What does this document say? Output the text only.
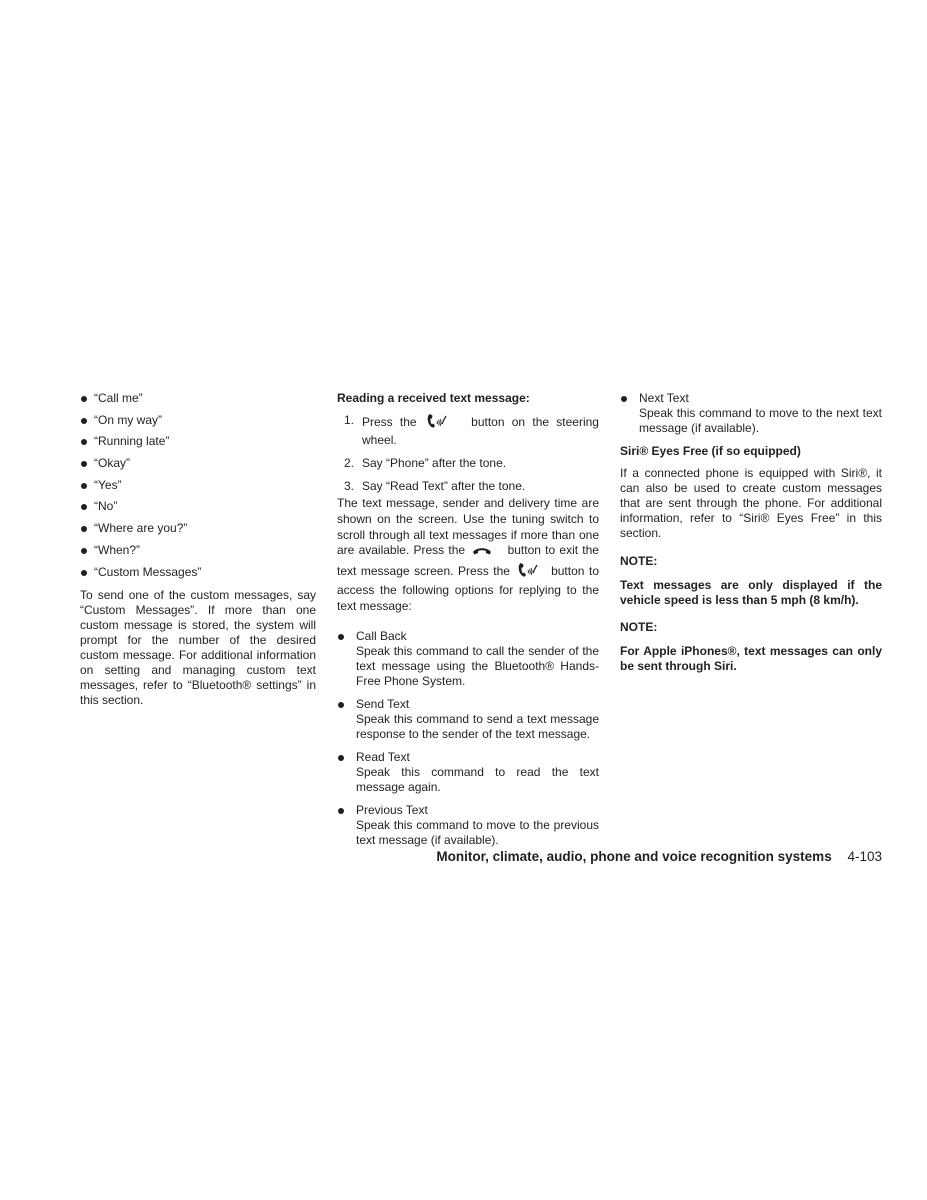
“Call me”
“On my way”
“Running late”
“Okay”
“Yes”
“No”
“Where are you?”
“When?”
“Custom Messages”

To send one of the custom messages, say “Custom Messages”. If more than one custom message is stored, the system will prompt for the number of the desired custom message. For additional information on setting and managing custom text messages, refer to “Bluetooth® settings” in this section.

Reading a received text message:
1. Press the	button on the steering wheel.
2. Say “Phone” after the tone.
3. Say “Read Text” after the tone.

The text message, sender and delivery time are shown on the screen. Use the tuning switch to scroll through all text messages if more than one are available. Press the	button to exit the text message screen. Press the	button to access the following options for replying to the text message:

Call Back
Speak this command to call the sender of the text message using the Bluetooth® Hands-Free Phone System.
Send Text
Speak this command to send a text message response to the sender of the text message.
Read Text
Speak this command to read the text message again.
Previous Text
Speak this command to move to the previous text message (if available).
Next Text
Speak this command to move to the next text message (if available).
Siri® Eyes Free (if so equipped)

If a connected phone is equipped with Siri®, it can also be used to create custom messages that are sent through the phone. For additional information, refer to “Siri® Eyes Free” in this section.

NOTE:

Text messages are only displayed if the vehicle speed is less than 5 mph (8 km/h).

NOTE:

For Apple iPhones®, text messages can only be sent through Siri.

Monitor, climate, audio, phone and voice recognition systems 4-103
